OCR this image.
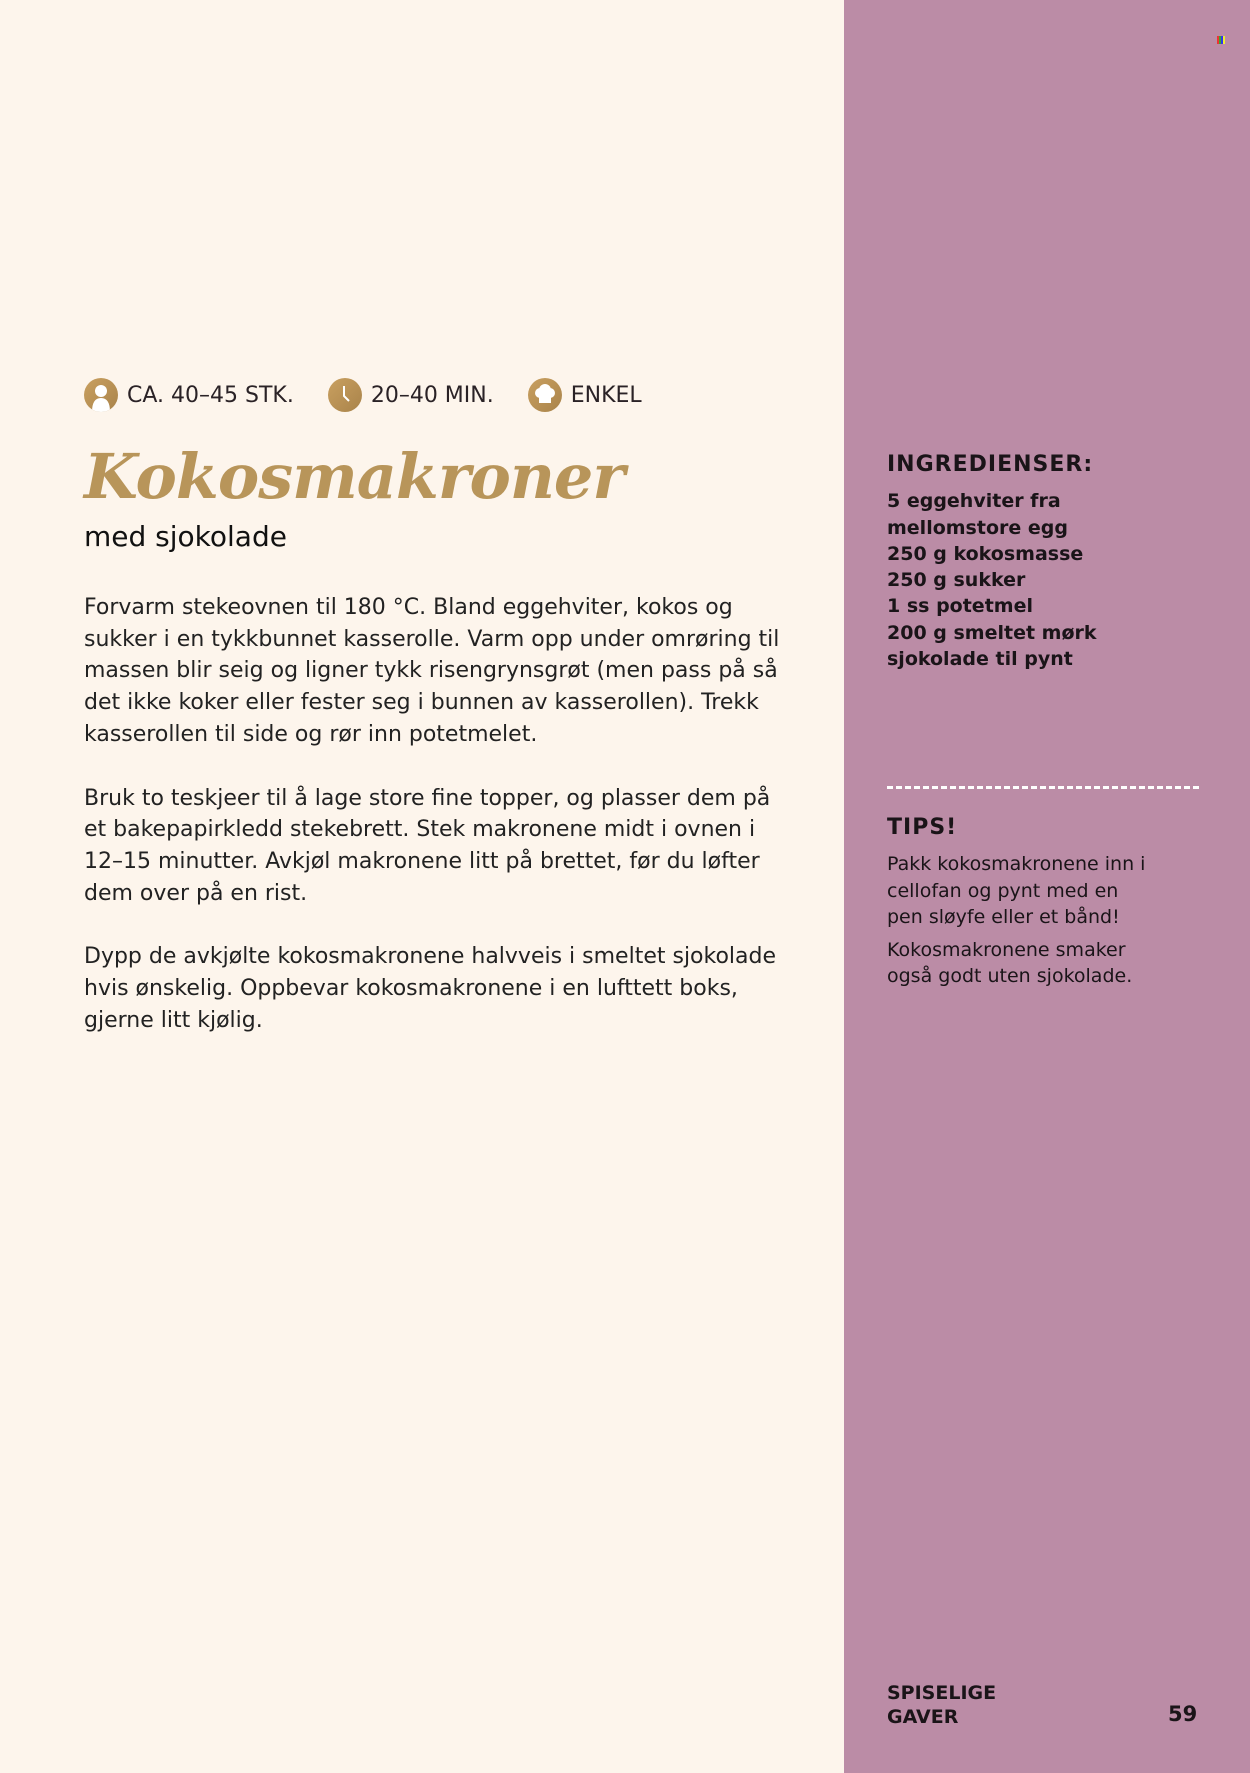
CA. 40–45 STK.	20–40 MIN.	ENKEL
Kokosmakroner
med sjokolade

Forvarm stekeovnen til 180 °C. Bland eggehviter, kokos og sukker i en tykkbunnet kasserolle. Varm opp under omrøring til massen blir seig og ligner tykk risengrynsgrøt (men pass på så det ikke koker eller fester seg i bunnen av kasserollen). Trekk kasserollen til side og rør inn potetmelet.

Bruk to teskjeer til å lage store fine topper, og plasser dem på et bakepapirkledd stekebrett. Stek makronene midt i ovnen i 12–15 minutter. Avkjøl makronene litt på brettet, før du løfter dem over på en rist.

Dypp de avkjølte kokosmakronene halvveis i smeltet sjokolade hvis ønskelig. Oppbevar kokosmakronene i en lufttett boks, gjerne litt kjølig.

INGREDIENSER:
5 eggehviter fra
mellomstore egg
250 g kokosmasse
250 g sukker
1 ss potetmel
200 g smeltet mørk
sjokolade til pynt
TIPS!

Pakk kokosmakronene inn i cellofan og pynt med en pen sløyfe eller et bånd!

Kokosmakronene smaker også godt uten sjokolade.

SPISELIGE
GAVER	59
